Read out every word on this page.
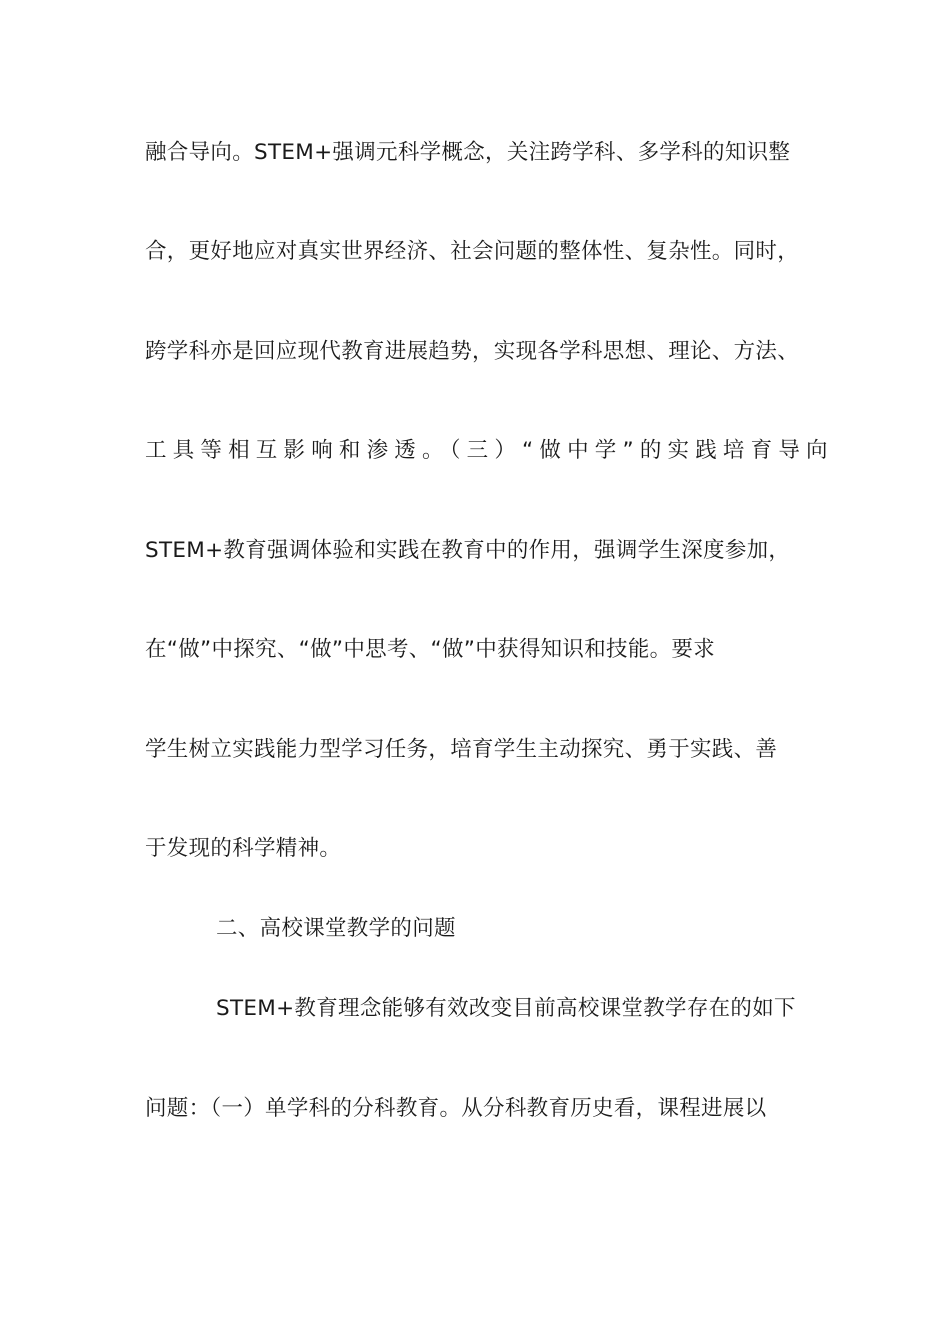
融合导向。STEM+强调元科学概念，关注跨学科、多学科的知识整
合，更好地应对真实世界经济、社会问题的整体性、复杂性。同时，
跨学科亦是回应现代教育进展趋势，实现各学科思想、理论、方法、
工具等相互影响和渗透。（三）“做中学”的实践培育导向
STEM+教育强调体验和实践在教育中的作用，强调学生深度参加，
在“做”中探究、“做”中思考、“做”中获得知识和技能。要求
学生树立实践能力型学习任务，培育学生主动探究、勇于实践、善
于发现的科学精神。
二、高校课堂教学的问题
STEM+教育理念能够有效改变目前高校课堂教学存在的如下
问题：（一）单学科的分科教育。从分科教育历史看，课程进展以
